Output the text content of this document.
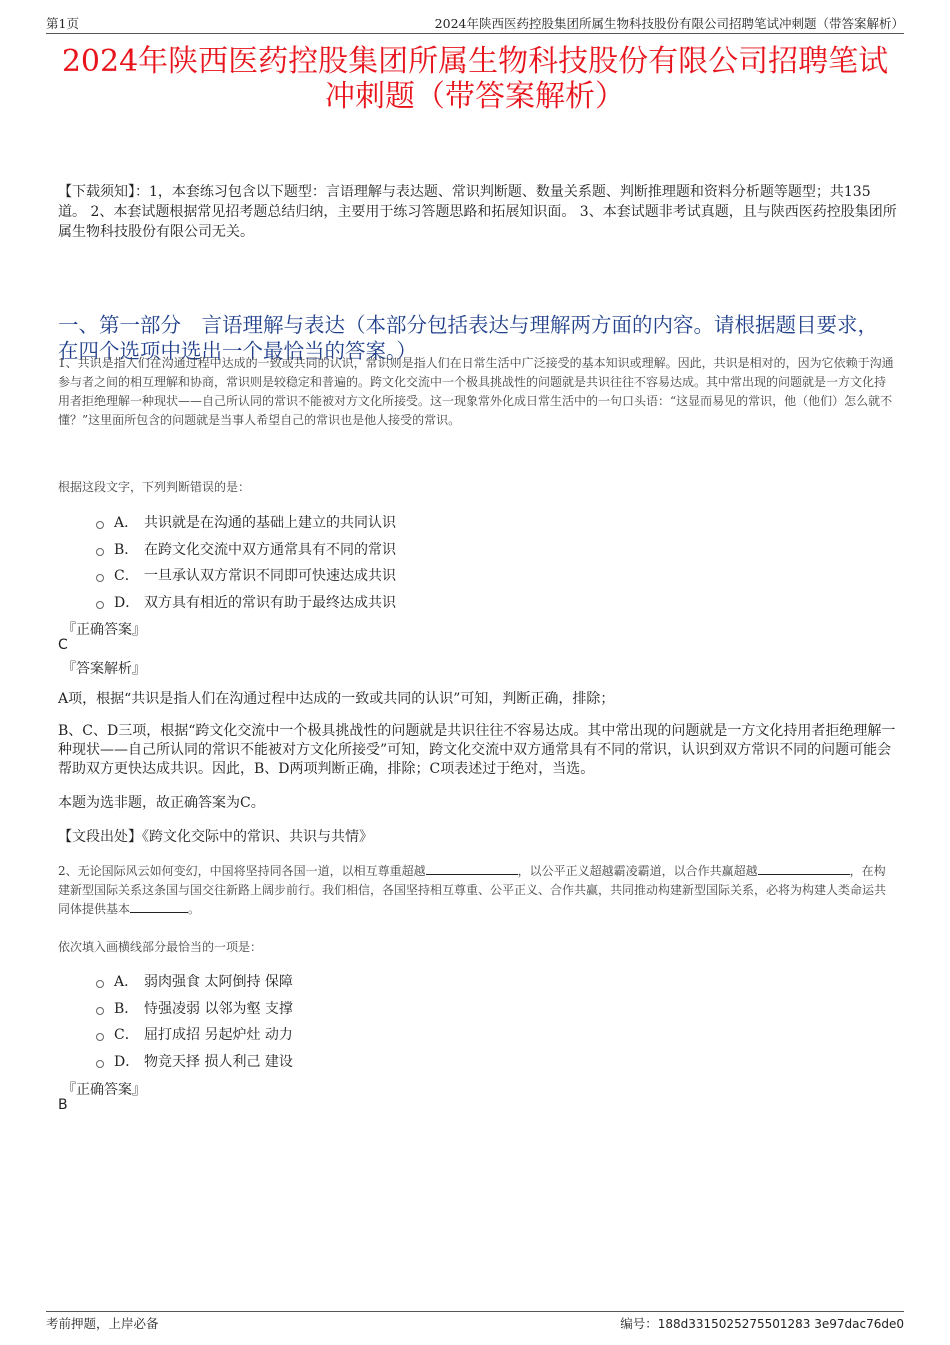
第1页	2024年陕西医药控股集团所属生物科技股份有限公司招聘笔试冲刺题（带答案解析）
2024年陕西医药控股集团所属生物科技股份有限公司招聘笔试
冲刺题（带答案解析）
【下载须知】：1，本套练习包含以下题型：言语理解与表达题、常识判断题、数量关系题、判断推理题和资料分析题等题型；共135道。 2、本套试题根据常见招考题总结归纳，主要用于练习答题思路和拓展知识面。 3、本套试题非考试真题，且与陕西医药控股集团所属生物科技股份有限公司无关。
一、第一部分　言语理解与表达（本部分包括表达与理解两方面的内容。请根据题目要求，在四个选项中选出一个最恰当的答案。）
1、共识是指人们在沟通过程中达成的一致或共同的认识，常识则是指人们在日常生活中广泛接受的基本知识或理解。因此，共识是相对的，因为它依赖于沟通参与者之间的相互理解和协商，常识则是较稳定和普遍的。跨文化交流中一个极具挑战性的问题就是共识往往不容易达成。其中常出现的问题就是一方文化持用者拒绝理解一种现状——自己所认同的常识不能被对方文化所接受。这一现象常外化成日常生活中的一句口头语：“这显而易见的常识，他（他们）怎么就不懂？”这里面所包含的问题就是当事人希望自己的常识也是他人接受的常识。
根据这段文字，下列判断错误的是：
A． 共识就是在沟通的基础上建立的共同认识
B． 在跨文化交流中双方通常具有不同的常识
C． 一旦承认双方常识不同即可快速达成共识
D． 双方具有相近的常识有助于最终达成共识
『正确答案』
C
『答案解析』
A项，根据“共识是指人们在沟通过程中达成的一致或共同的认识”可知，判断正确，排除；
B、C、D三项，根据“跨文化交流中一个极具挑战性的问题就是共识往往不容易达成。其中常出现的问题就是一方文化持用者拒绝理解一种现状——自己所认同的常识不能被对方文化所接受”可知，跨文化交流中双方通常具有不同的常识，认识到双方常识不同的问题可能会帮助双方更快达成共识。因此，B、D两项判断正确，排除；C项表述过于绝对，当选。
本题为选非题，故正确答案为C。
【文段出处】《跨文化交际中的常识、共识与共情》
2、无论国际风云如何变幻，中国将坚持同各国一道，以相互尊重超越	，以公平正义超越霸凌霸道，以合作共赢超越	，在构建新型国际关系这条国与国交往新路上阔步前行。我们相信，各国坚持相互尊重、公平正义、合作共赢，共同推动构建新型国际关系，必将为构建人类命运共同体提供基本	。
依次填入画横线部分最恰当的一项是：
A． 弱肉强食 太阿倒持 保障
B． 恃强凌弱 以邻为壑 支撑
C． 屈打成招 另起炉灶 动力
D． 物竞天择 损人利己 建设
『正确答案』
B
考前押题，上岸必备	编号：188d3315025275501283 3e97dac76de0
